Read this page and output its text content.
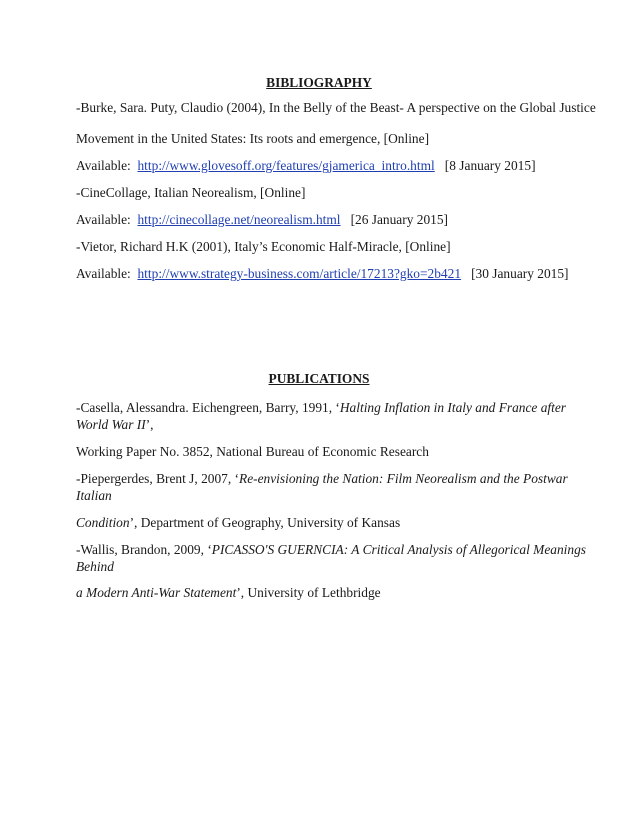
BIBLIOGRAPHY
-Burke, Sara. Puty, Claudio (2004), In the Belly of the Beast- A perspective on the Global Justice
Movement in the United States: Its roots and emergence, [Online]
Available: http://www.glovesoff.org/features/gjamerica_intro.html [8 January 2015]
-CineCollage, Italian Neorealism, [Online]
Available: http://cinecollage.net/neorealism.html [26 January 2015]
-Vietor, Richard H.K (2001), Italy’s Economic Half-Miracle, [Online]
Available: http://www.strategy-business.com/article/17213?gko=2b421 [30 January 2015]
PUBLICATIONS
-Casella, Alessandra. Eichengreen, Barry, 1991, ‘Halting Inflation in Italy and France after
World War II’,
Working Paper No. 3852, National Bureau of Economic Research
-Piepergerdes, Brent J, 2007, ‘Re-envisioning the Nation: Film Neorealism and the Postwar
Italian
Condition’, Department of Geography, University of Kansas
-Wallis, Brandon, 2009, ‘PICASSO'S GUERNCIA: A Critical Analysis of Allegorical Meanings
Behind
a Modern Anti-War Statement’, University of Lethbridge
